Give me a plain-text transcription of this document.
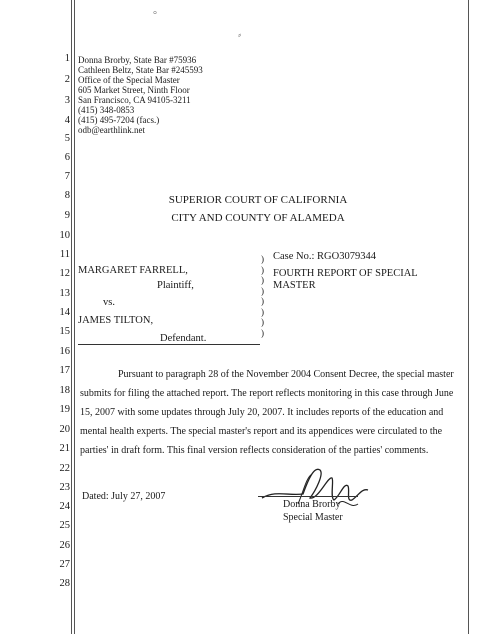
°
⸗
1
2
3
4
5
6
7
8
9
10
11
12
13
14
15
16
17
18
19
20
21
22
23
24
25
26
27
28
Donna Brorby, State Bar #75936
Cathleen Beltz, State Bar #245593
Office of the Special Master
605 Market Street, Ninth Floor
San Francisco, CA 94105-3211
(415) 348-0853
(415) 495-7204 (facs.)
odb@earthlink.net
SUPERIOR COURT OF CALIFORNIA
CITY AND COUNTY OF ALAMEDA
MARGARET FARRELL,
Plaintiff,
vs.
JAMES TILTON,
Defendant.
)
)
)
)
)
)
)
)
Case No.: RGO3079344
FOURTH REPORT OF SPECIAL
MASTER
Pursuant to paragraph 28 of the November 2004 Consent Decree, the special master
submits for filing the attached report. The report reflects monitoring in this case through June
15, 2007 with some updates through July 20, 2007. It includes reports of the education and
mental health experts. The special master's report and its appendices were circulated to the
parties' in draft form. This final version reflects consideration of the parties' comments.
Dated: July 27, 2007
Donna Brorby
Special Master
